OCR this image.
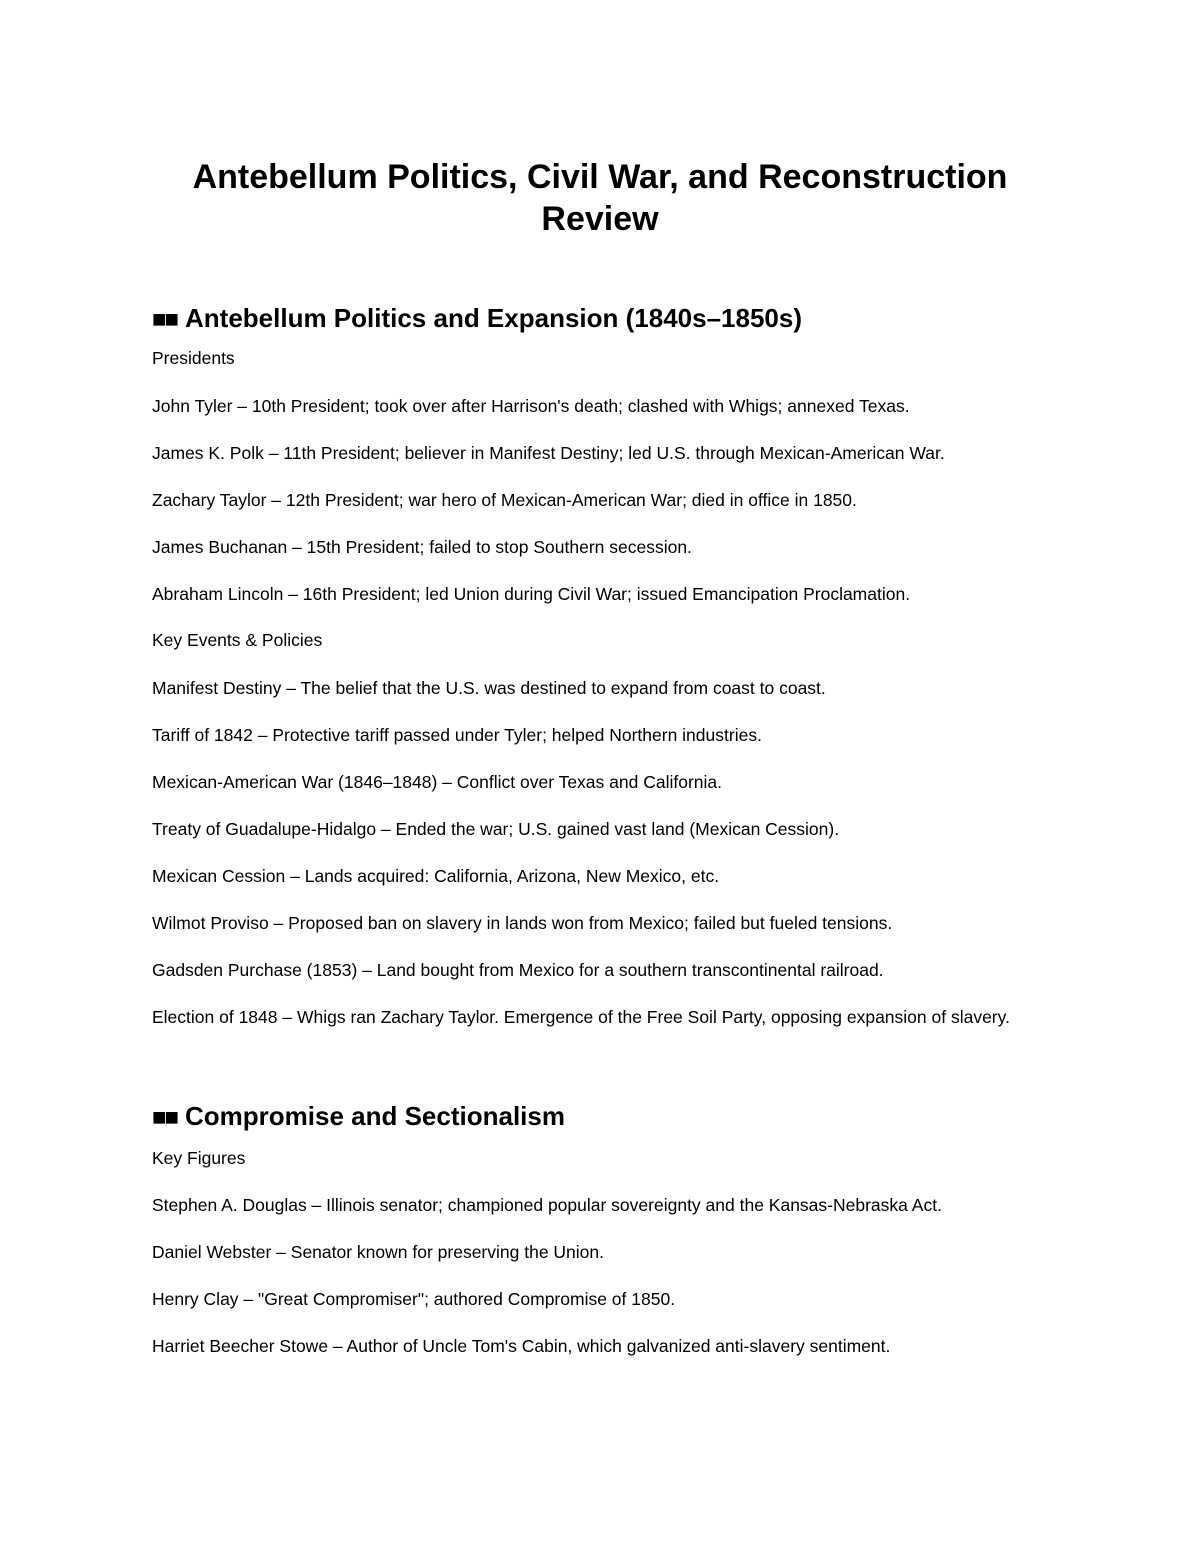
Antebellum Politics, Civil War, and Reconstruction Review
■■ Antebellum Politics and Expansion (1840s–1850s)

Presidents

John Tyler – 10th President; took over after Harrison's death; clashed with Whigs; annexed Texas.

James K. Polk – 11th President; believer in Manifest Destiny; led U.S. through Mexican-American War.

Zachary Taylor – 12th President; war hero of Mexican-American War; died in office in 1850.

James Buchanan – 15th President; failed to stop Southern secession.

Abraham Lincoln – 16th President; led Union during Civil War; issued Emancipation Proclamation.

Key Events & Policies

Manifest Destiny – The belief that the U.S. was destined to expand from coast to coast.

Tariff of 1842 – Protective tariff passed under Tyler; helped Northern industries.

Mexican-American War (1846–1848) – Conflict over Texas and California.

Treaty of Guadalupe-Hidalgo – Ended the war; U.S. gained vast land (Mexican Cession).

Mexican Cession – Lands acquired: California, Arizona, New Mexico, etc.

Wilmot Proviso – Proposed ban on slavery in lands won from Mexico; failed but fueled tensions.

Gadsden Purchase (1853) – Land bought from Mexico for a southern transcontinental railroad.

Election of 1848 – Whigs ran Zachary Taylor. Emergence of the Free Soil Party, opposing expansion of slavery.

■■ Compromise and Sectionalism

Key Figures

Stephen A. Douglas – Illinois senator; championed popular sovereignty and the Kansas-Nebraska Act.

Daniel Webster – Senator known for preserving the Union.

Henry Clay – "Great Compromiser"; authored Compromise of 1850.

Harriet Beecher Stowe – Author of Uncle Tom's Cabin, which galvanized anti-slavery sentiment.
